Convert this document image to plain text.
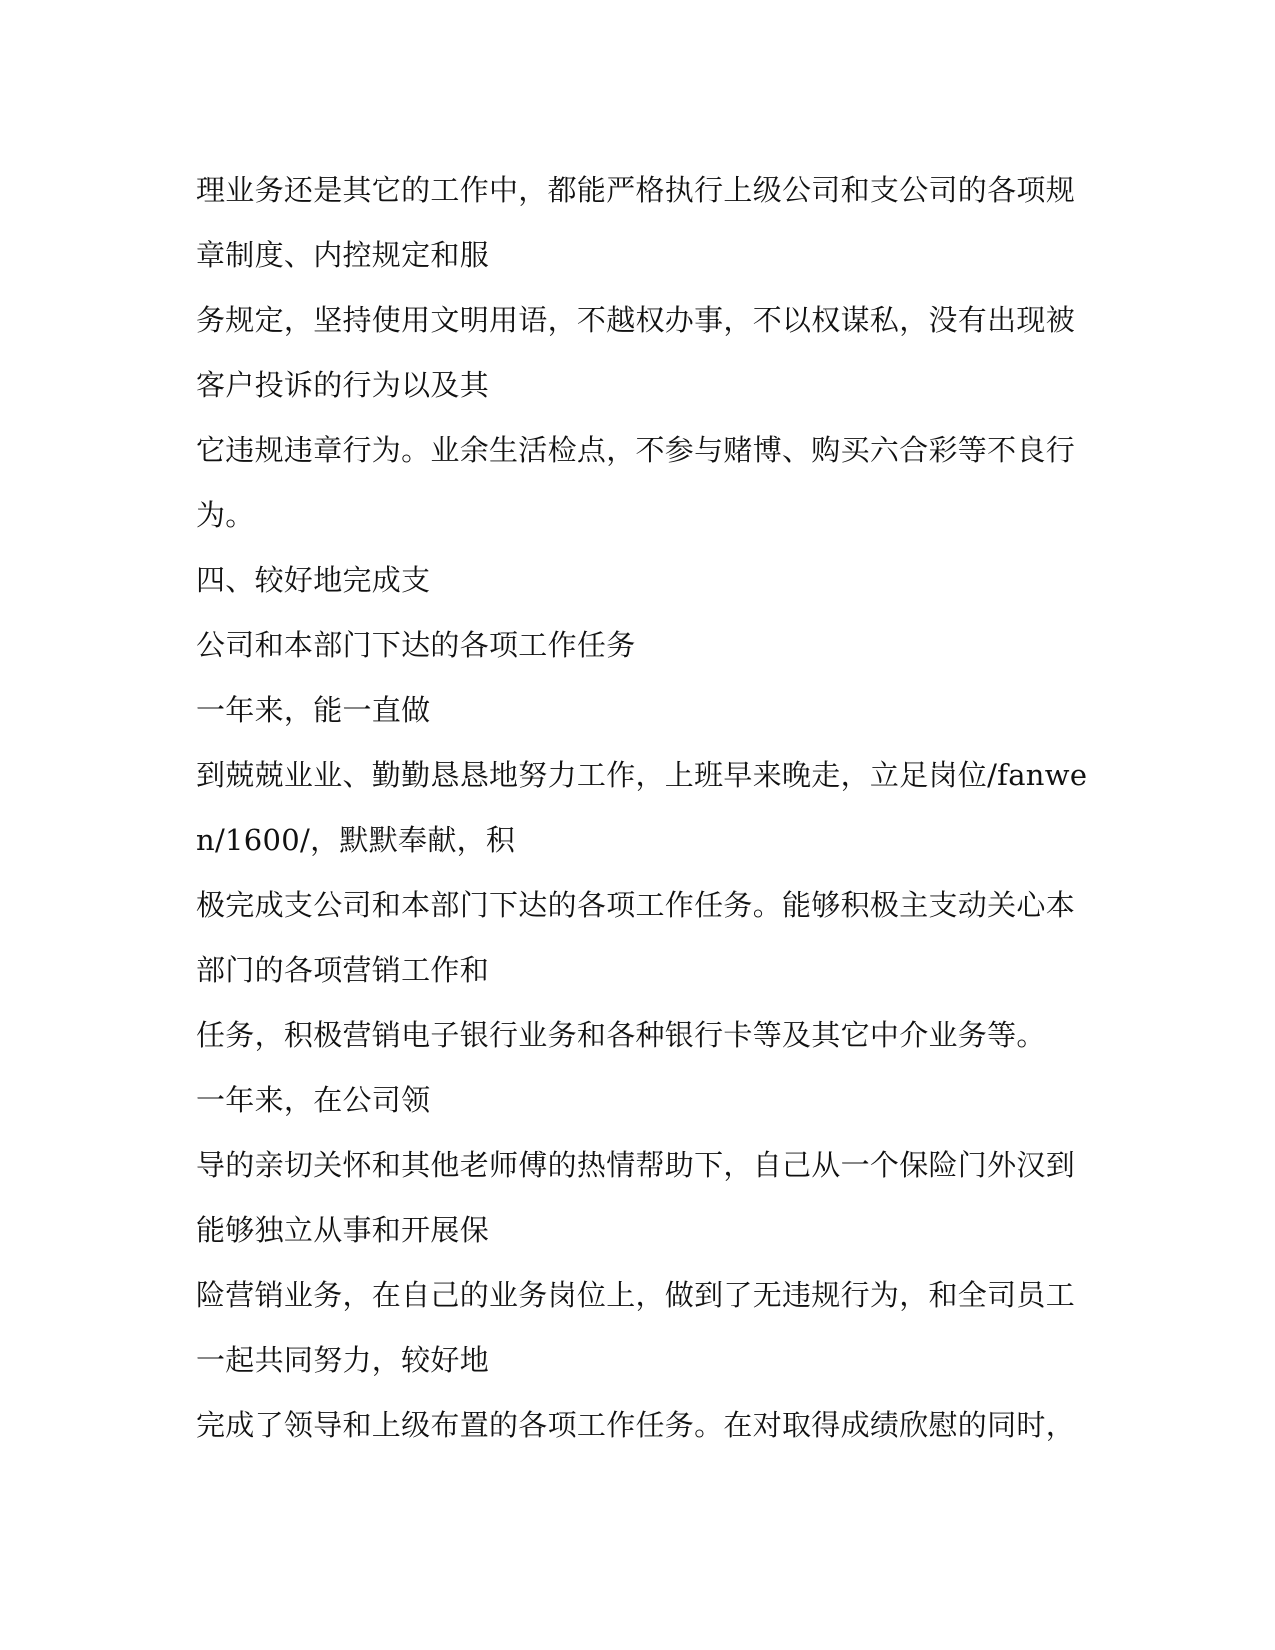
理业务还是其它的工作中，都能严格执行上级公司和支公司的各项规
章制度、内控规定和服
务规定，坚持使用文明用语，不越权办事，不以权谋私，没有出现被
客户投诉的行为以及其
它违规违章行为。业余生活检点，不参与赌博、购买六合彩等不良行
为。
四、较好地完成支
公司和本部门下达的各项工作任务
一年来，能一直做
到兢兢业业、勤勤恳恳地努力工作，上班早来晚走，立足岗位/fanwe
n/1600/，默默奉献，积
极完成支公司和本部门下达的各项工作任务。能够积极主支动关心本
部门的各项营销工作和
任务，积极营销电子银行业务和各种银行卡等及其它中介业务等。
一年来，在公司领
导的亲切关怀和其他老师傅的热情帮助下，自己从一个保险门外汉到
能够独立从事和开展保
险营销业务，在自己的业务岗位上，做到了无违规行为，和全司员工
一起共同努力，较好地
完成了领导和上级布置的各项工作任务。在对取得成绩欣慰的同时，
